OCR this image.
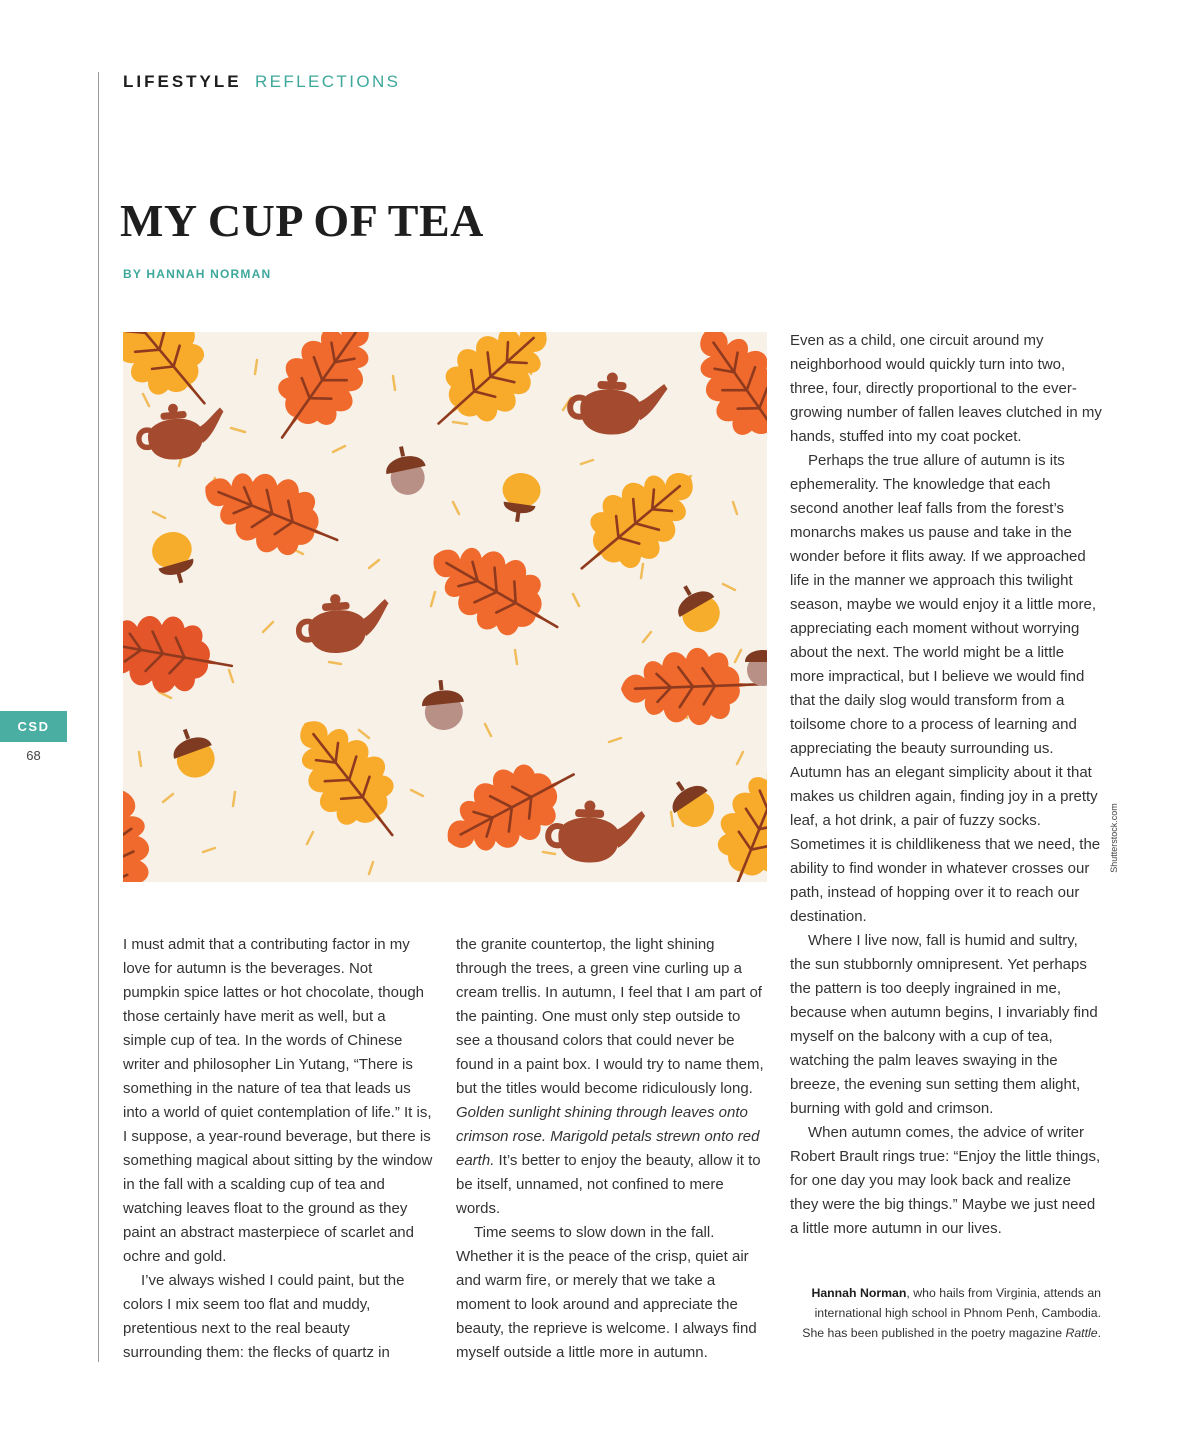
LIFESTYLE REFLECTIONS
MY CUP OF TEA
BY HANNAH NORMAN
CSD
68
Shutterstock.com

I must admit that a contributing factor in my love for autumn is the beverages. Not pumpkin spice lattes or hot chocolate, though those certainly have merit as well, but a simple cup of tea. In the words of Chinese writer and philosopher Lin Yutang, “There is something in the nature of tea that leads us into a world of quiet contemplation of life.” It is, I suppose, a year-round beverage, but there is something magical about sitting by the window in the fall with a scalding cup of tea and watching leaves float to the ground as they paint an abstract masterpiece of scarlet and ochre and gold.

I’ve always wished I could paint, but the colors I mix seem too flat and muddy, pretentious next to the real beauty surrounding them: the flecks of quartz in

the granite countertop, the light shining through the trees, a green vine curling up a cream trellis. In autumn, I feel that I am part of the painting. One must only step outside to see a thousand colors that could never be found in a paint box. I would try to name them, but the titles would become ridiculously long. Golden sunlight shining through leaves onto crimson rose. Marigold petals strewn onto red earth. It’s better to enjoy the beauty, allow it to be itself, unnamed, not confined to mere words.

Time seems to slow down in the fall. Whether it is the peace of the crisp, quiet air and warm fire, or merely that we take a moment to look around and appreciate the beauty, the reprieve is welcome. I always find myself outside a little more in autumn.

Even as a child, one circuit around my neighborhood would quickly turn into two, three, four, directly proportional to the ever-growing number of fallen leaves clutched in my hands, stuffed into my coat pocket.

Perhaps the true allure of autumn is its ephemerality. The knowledge that each second another leaf falls from the forest’s monarchs makes us pause and take in the wonder before it flits away. If we approached life in the manner we approach this twilight season, maybe we would enjoy it a little more, appreciating each moment without worrying about the next. The world might be a little more impractical, but I believe we would find that the daily slog would transform from a toilsome chore to a process of learning and appreciating the beauty surrounding us. Autumn has an elegant simplicity about it that makes us children again, finding joy in a pretty leaf, a hot drink, a pair of fuzzy socks. Sometimes it is childlikeness that we need, the ability to find wonder in whatever crosses our path, instead of hopping over it to reach our destination.

Where I live now, fall is humid and sultry, the sun stubbornly omnipresent. Yet perhaps the pattern is too deeply ingrained in me, because when autumn begins, I invariably find myself on the balcony with a cup of tea, watching the palm leaves swaying in the breeze, the evening sun setting them alight, burning with gold and crimson.

When autumn comes, the advice of writer Robert Brault rings true: “Enjoy the little things, for one day you may look back and realize they were the big things.” Maybe we just need a little more autumn in our lives.

Hannah Norman, who hails from Virginia, attends an international high school in Phnom Penh, Cambodia. She has been published in the poetry magazine Rattle.
